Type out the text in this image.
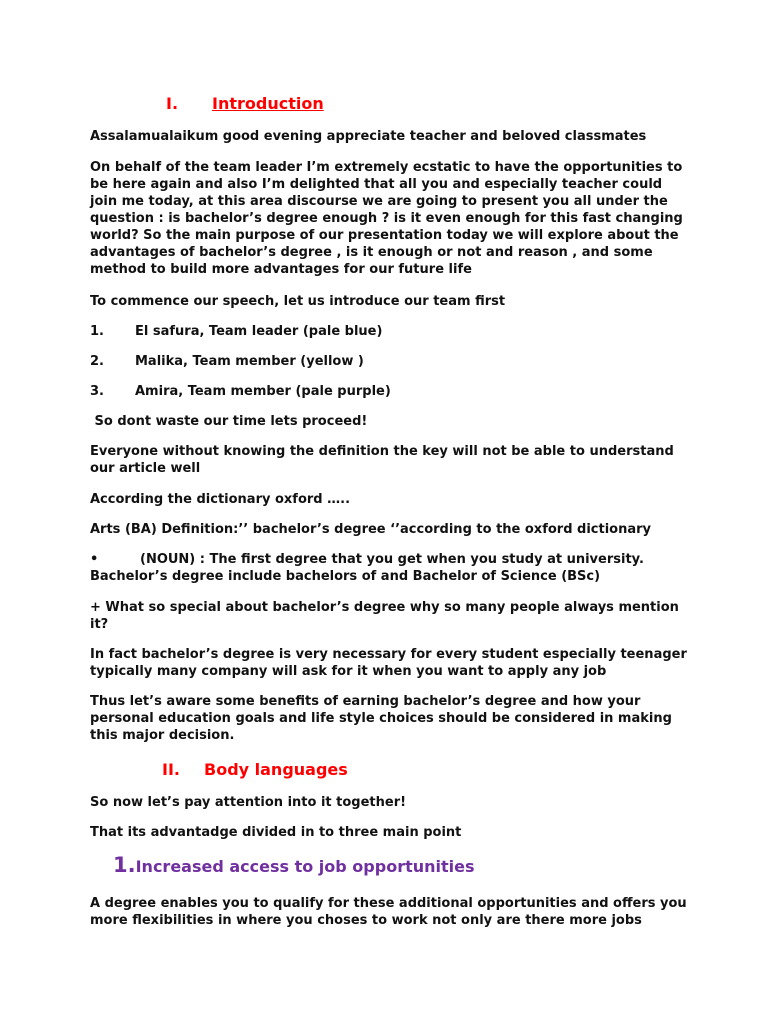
I. Introduction

Assalamualaikum good evening appreciate teacher and beloved classmates

On behalf of the team leader I’m extremely ecstatic to have the opportunities to be here again and also I’m delighted that all you and especially teacher could join me today, at this area discourse we are going to present you all under the question : is bachelor’s degree enough ? is it even enough for this fast changing world? So the main purpose of our presentation today we will explore about the advantages of bachelor’s degree , is it enough or not and reason , and some method to build more advantages for our future life

To commence our speech, let us introduce our team first

1. El safura, Team leader (pale blue)

2. Malika, Team member (yellow )

3. Amira, Team member (pale purple)

So dont waste our time lets proceed!

Everyone without knowing the definition the key will not be able to understand our article well

According the dictionary oxford …..

Arts (BA) Definition:’’ bachelor’s degree ‘’according to the oxford dictionary

•	(NOUN) : The first degree that you get when you study at university. Bachelor’s degree include bachelors of and Bachelor of Science (BSc)

+ What so special about bachelor’s degree why so many people always mention it?

In fact bachelor’s degree is very necessary for every student especially teenager typically many company will ask for it when you want to apply any job

Thus let’s aware some benefits of earning bachelor’s degree and how your personal education goals and life style choices should be considered in making this major decision.

II. Body languages

So now let’s pay attention into it together!

That its advantadge divided in to three main point

1.Increased access to job opportunities

A degree enables you to qualify for these additional opportunities and offers you more flexibilities in where you choses to work not only are there more jobs
